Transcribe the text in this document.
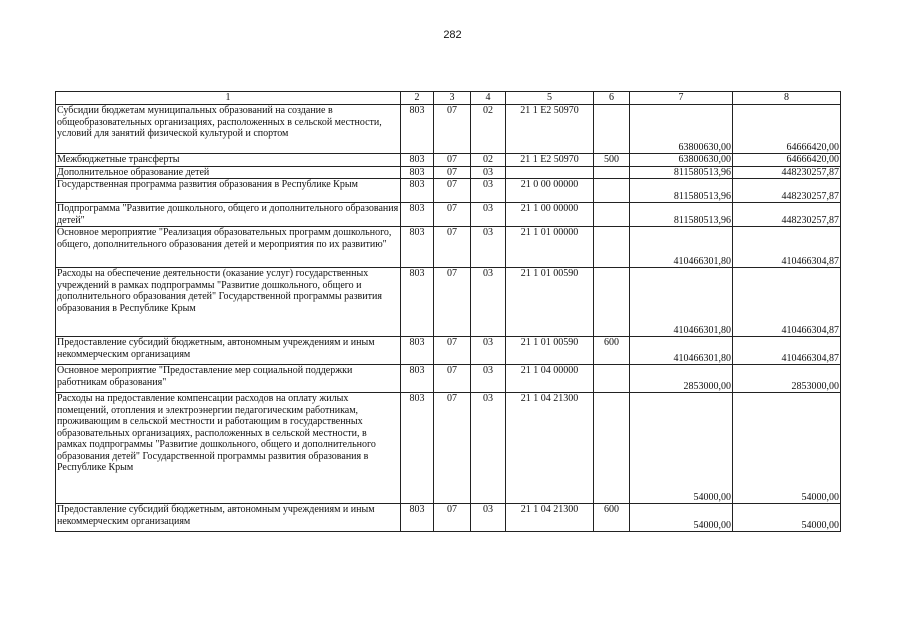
282
1	2	3	4	5	6	7	8
Субсидии бюджетам муниципальных образований на создание в общеобразовательных организациях, расположенных в сельской местности, условий для занятий физической культурой и спортом	803	07	02	21 1 E2 50970		63800630,00	64666420,00
Межбюджетные трансферты	803	07	02	21 1 E2 50970	500	63800630,00	64666420,00
Дополнительное образование детей	803	07	03			811580513,96	448230257,87
Государственная программа развития образования в Республике Крым	803	07	03	21 0 00 00000		811580513,96	448230257,87
Подпрограмма "Развитие дошкольного, общего и дополнительного образования детей"	803	07	03	21 1 00 00000		811580513,96	448230257,87
Основное мероприятие "Реализация образовательных программ дошкольного, общего, дополнительного образования детей и мероприятия по их развитию"	803	07	03	21 1 01 00000		410466301,80	410466304,87
Расходы на обеспечение деятельности (оказание услуг) государственных учреждений в рамках подпрограммы "Развитие дошкольного, общего и дополнительного образования детей" Государственной программы развития образования в Республике Крым	803	07	03	21 1 01 00590		410466301,80	410466304,87
Предоставление субсидий бюджетным, автономным учреждениям и иным некоммерческим организациям	803	07	03	21 1 01 00590	600	410466301,80	410466304,87
Основное мероприятие "Предоставление мер социальной поддержки работникам образования"	803	07	03	21 1 04 00000		2853000,00	2853000,00
Расходы на предоставление компенсации расходов на оплату жилых помещений, отопления и электроэнергии педагогическим работникам, проживающим в сельской местности и работающим в государственных образовательных организациях, расположенных в сельской местности, в рамках подпрограммы "Развитие дошкольного, общего и дополнительного образования детей" Государственной программы развития образования в Республике Крым	803	07	03	21 1 04 21300		54000,00	54000,00
Предоставление субсидий бюджетным, автономным учреждениям и иным некоммерческим организациям	803	07	03	21 1 04 21300	600	54000,00	54000,00
